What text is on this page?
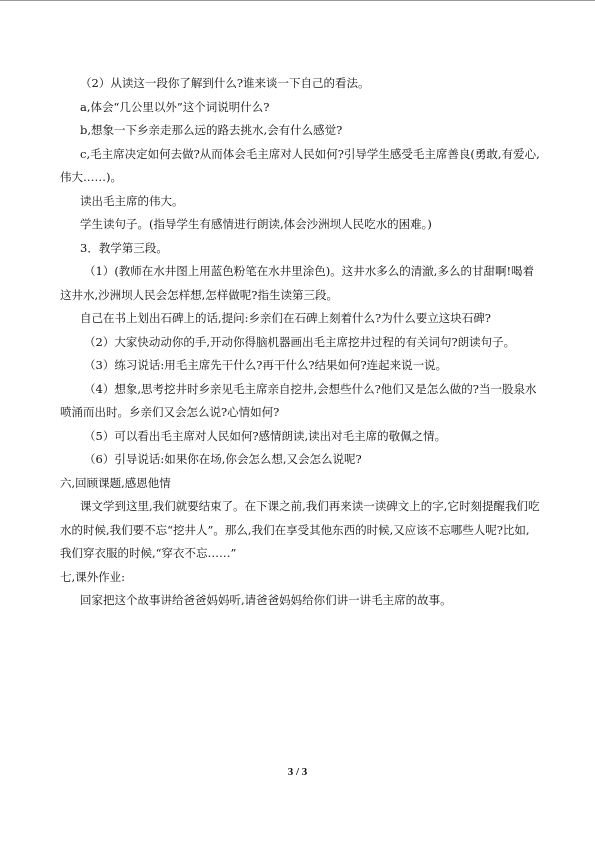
（2）从读这一段你了解到什么?谁来谈一下自己的看法。

a,体会“几公里以外”这个词说明什么?

b,想象一下乡亲走那么远的路去挑水,会有什么感觉?

c,毛主席决定如何去做?从而体会毛主席对人民如何?引导学生感受毛主席善良(勇敢,有爱心,伟大……)。

读出毛主席的伟大。

学生读句子。(指导学生有感情进行朗读,体会沙洲坝人民吃水的困难。)

3．教学第三段。

（1）(教师在水井图上用蓝色粉笔在水井里涂色)。这井水多么的清澈,多么的甘甜啊!喝着这井水,沙洲坝人民会怎样想,怎样做呢?指生读第三段。

自己在书上划出石碑上的话,提问:乡亲们在石碑上刻着什么?为什么要立这块石碑?

（2）大家快动动你的手,开动你得脑机器画出毛主席挖井过程的有关词句?朗读句子。

（3）练习说话:用毛主席先干什么?再干什么?结果如何?连起来说一说。

（4）想象,思考挖井时乡亲见毛主席亲自挖井,会想些什么?他们又是怎么做的?当一股泉水喷涌而出时。乡亲们又会怎么说?心情如何?

（5）可以看出毛主席对人民如何?感情朗读,读出对毛主席的敬佩之情。

（6）引导说话:如果你在场,你会怎么想,又会怎么说呢?

六,回顾课题,感恩他情

课文学到这里,我们就要结束了。在下课之前,我们再来读一读碑文上的字,它时刻提醒我们吃水的时候,我们要不忘“挖井人”。那么,我们在享受其他东西的时候,又应该不忘哪些人呢?比如,我们穿衣服的时候,“穿衣不忘……”

七,课外作业:

回家把这个故事讲给爸爸妈妈听,请爸爸妈妈给你们讲一讲毛主席的故事。

3 / 3
